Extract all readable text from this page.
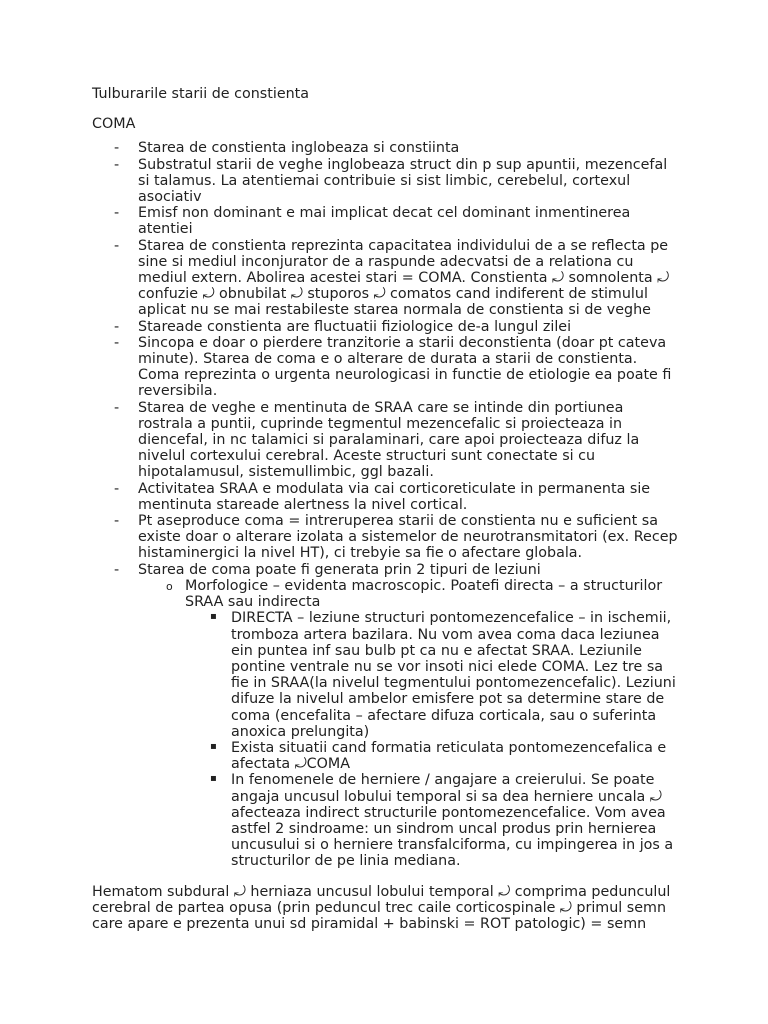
Tulburarile starii de constienta
COMA
- Starea de constienta inglobeaza si constiinta
- Substratul starii de veghe inglobeaza struct din p sup apuntii, mezencefal si talamus. La atentiemai contribuie si sist limbic, cerebelul, cortexul asociativ
- Emisf non dominant e mai implicat decat cel dominant inmentinerea atentiei
- Starea de constienta reprezinta capacitatea individului de a se reflecta pe sine si mediul inconjurator de a raspunde adecvatsi de a relationa cu mediul extern. Abolirea acestei stari = COMA. Constienta ⤾ somnolenta ⤾ confuzie ⤾ obnubilat ⤾ stuporos ⤾ comatos cand indiferent de stimulul aplicat nu se mai restabileste starea normala de constienta si de veghe
- Stareade constienta are fluctuatii fiziologice de-a lungul zilei
- Sincopa e doar o pierdere tranzitorie a starii deconstienta (doar pt cateva minute). Starea de coma e o alterare de durata a starii de constienta. Coma reprezinta o urgenta neurologicasi in functie de etiologie ea poate fi reversibila.
- Starea de veghe e mentinuta de SRAA care se intinde din portiunea rostrala a puntii, cuprinde tegmentul mezencefalic si proiecteaza in diencefal, in nc talamici si paralaminari, care apoi proiecteaza difuz la nivelul cortexului cerebral. Aceste structuri sunt conectate si cu hipotalamusul, sistemullimbic, ggl bazali.
- Activitatea SRAA e modulata via cai corticoreticulate in permanenta sie mentinuta stareade alertness la nivel cortical.
- Pt aseproduce coma = intreruperea starii de constienta nu e suficient sa existe doar o alterare izolata a sistemelor de neurotransmitatori (ex. Recep histaminergici la nivel HT), ci trebyie sa fie o afectare globala.
- Starea de coma poate fi generata prin 2 tipuri de leziuni
o Morfologice – evidenta macroscopic. Poatefi directa – a structurilor SRAA sau indirecta
▪ DIRECTA – leziune structuri pontomezencefalice – in ischemii, tromboza artera bazilara. Nu vom avea coma daca leziunea ein puntea inf sau bulb pt ca nu e afectat SRAA. Leziunile pontine ventrale nu se vor insoti nici elede COMA. Lez tre sa fie in SRAA(la nivelul tegmentului pontomezencefalic). Leziuni difuze la nivelul ambelor emisfere pot sa determine stare de coma (encefalita – afectare difuza corticala, sau o suferinta anoxica prelungita)
▪ Exista situatii cand formatia reticulata pontomezencefalica e afectata ⤾COMA
▪ In fenomenele de herniere / angajare a creierului. Se poate angaja uncusul lobului temporal si sa dea herniere uncala ⤾ afecteaza indirect structurile pontomezencefalice. Vom avea astfel 2 sindroame: un sindrom uncal produs prin hernierea uncusului si o herniere transfalciforma, cu impingerea in jos a structurilor de pe linia mediana.
Hematom subdural ⤾ herniaza uncusul lobului temporal ⤾ comprima pedunculul cerebral de partea opusa (prin peduncul trec caile corticospinale ⤾ primul semn care apare e prezenta unui sd piramidal + babinski = ROT patologic) = semn
